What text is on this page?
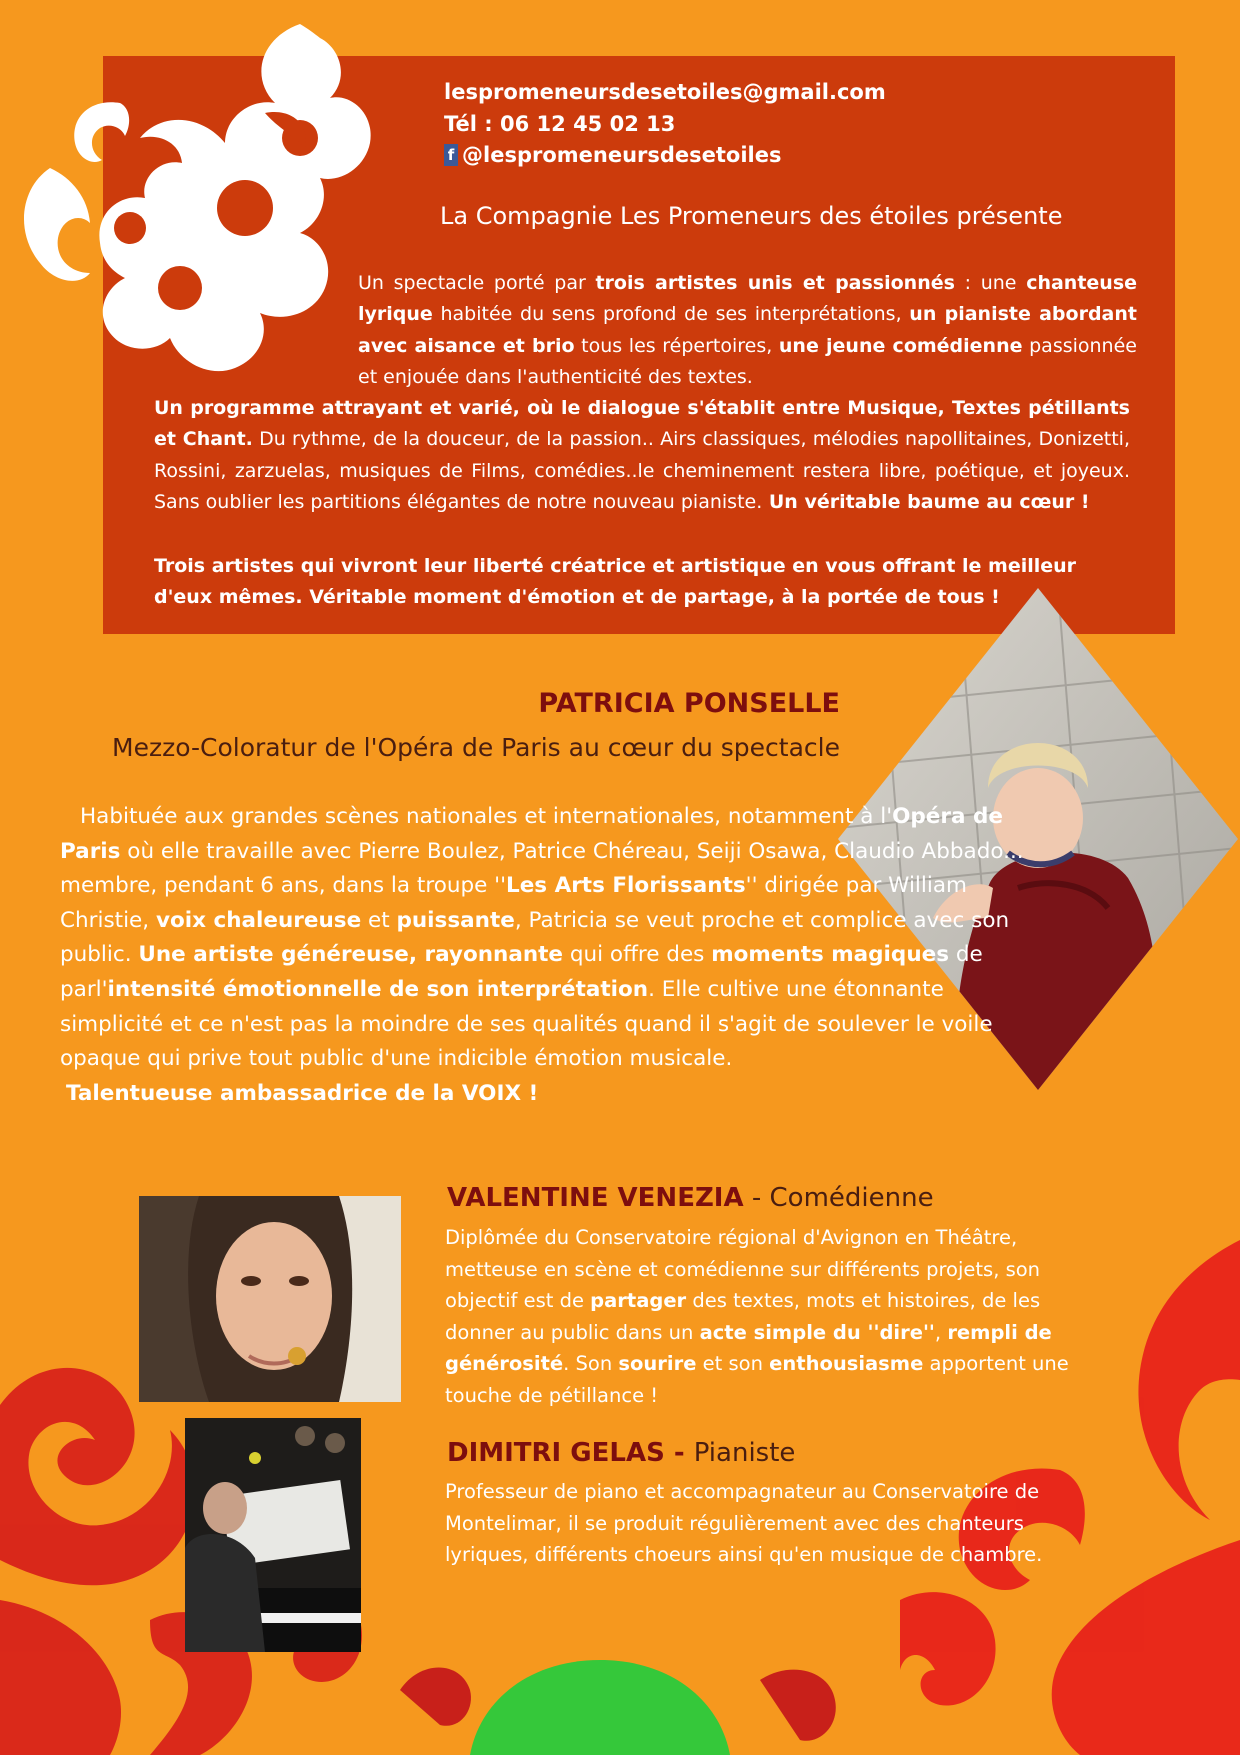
lespromeneursdesetoiles@gmail.com
Tél : 06 12 45 02 13
f @lespromeneursdesetoiles
La Compagnie Les Promeneurs des étoiles présente
Un spectacle porté par trois artistes unis et passionnés : une chanteuse lyrique habitée du sens profond de ses interprétations, un pianiste abordant avec aisance et brio tous les répertoires, une jeune comédienne passionnée et enjouée dans l'authenticité des textes.
Un programme attrayant et varié, où le dialogue s'établit entre Musique, Textes pétillants et Chant. Du rythme, de la douceur, de la passion.. Airs classiques, mélodies napollitaines, Donizetti, Rossini, zarzuelas, musiques de Films, comédies..le cheminement restera libre, poétique, et joyeux. Sans oublier les partitions élégantes de notre nouveau pianiste. Un véritable baume au cœur !
Trois artistes qui vivront leur liberté créatrice et artistique en vous offrant le meilleur d'eux mêmes. Véritable moment d'émotion et de partage, à la portée de tous !
PATRICIA PONSELLE
Mezzo-Coloratur de l'Opéra de Paris au cœur du spectacle
Habituée aux grandes scènes nationales et internationales, notamment à l'Opéra de Paris où elle travaille avec Pierre Boulez, Patrice Chéreau, Seiji Osawa, Claudio Abbado... membre, pendant 6 ans, dans la troupe ''Les Arts Florissants'' dirigée par William Christie, voix chaleureuse et puissante, Patricia se veut proche et complice avec son public. Une artiste généreuse, rayonnante qui offre des moments magiques de parl'intensité émotionnelle de son interprétation. Elle cultive une étonnante simplicité et ce n'est pas la moindre de ses qualités quand il s'agit de soulever le voile opaque qui prive tout public d'une indicible émotion musicale.
Talentueuse ambassadrice de la VOIX !
VALENTINE VENEZIA - Comédienne
Diplômée du Conservatoire régional d'Avignon en Théâtre, metteuse en scène et comédienne sur différents projets, son objectif est de partager des textes, mots et histoires, de les donner au public dans un acte simple du ''dire'', rempli de générosité. Son sourire et son enthousiasme apportent une touche de pétillance !
DIMITRI GELAS - Pianiste
Professeur de piano et accompagnateur au Conservatoire de Montelimar, il se produit régulièrement avec des chanteurs lyriques, différents choeurs ainsi qu'en musique de chambre.
